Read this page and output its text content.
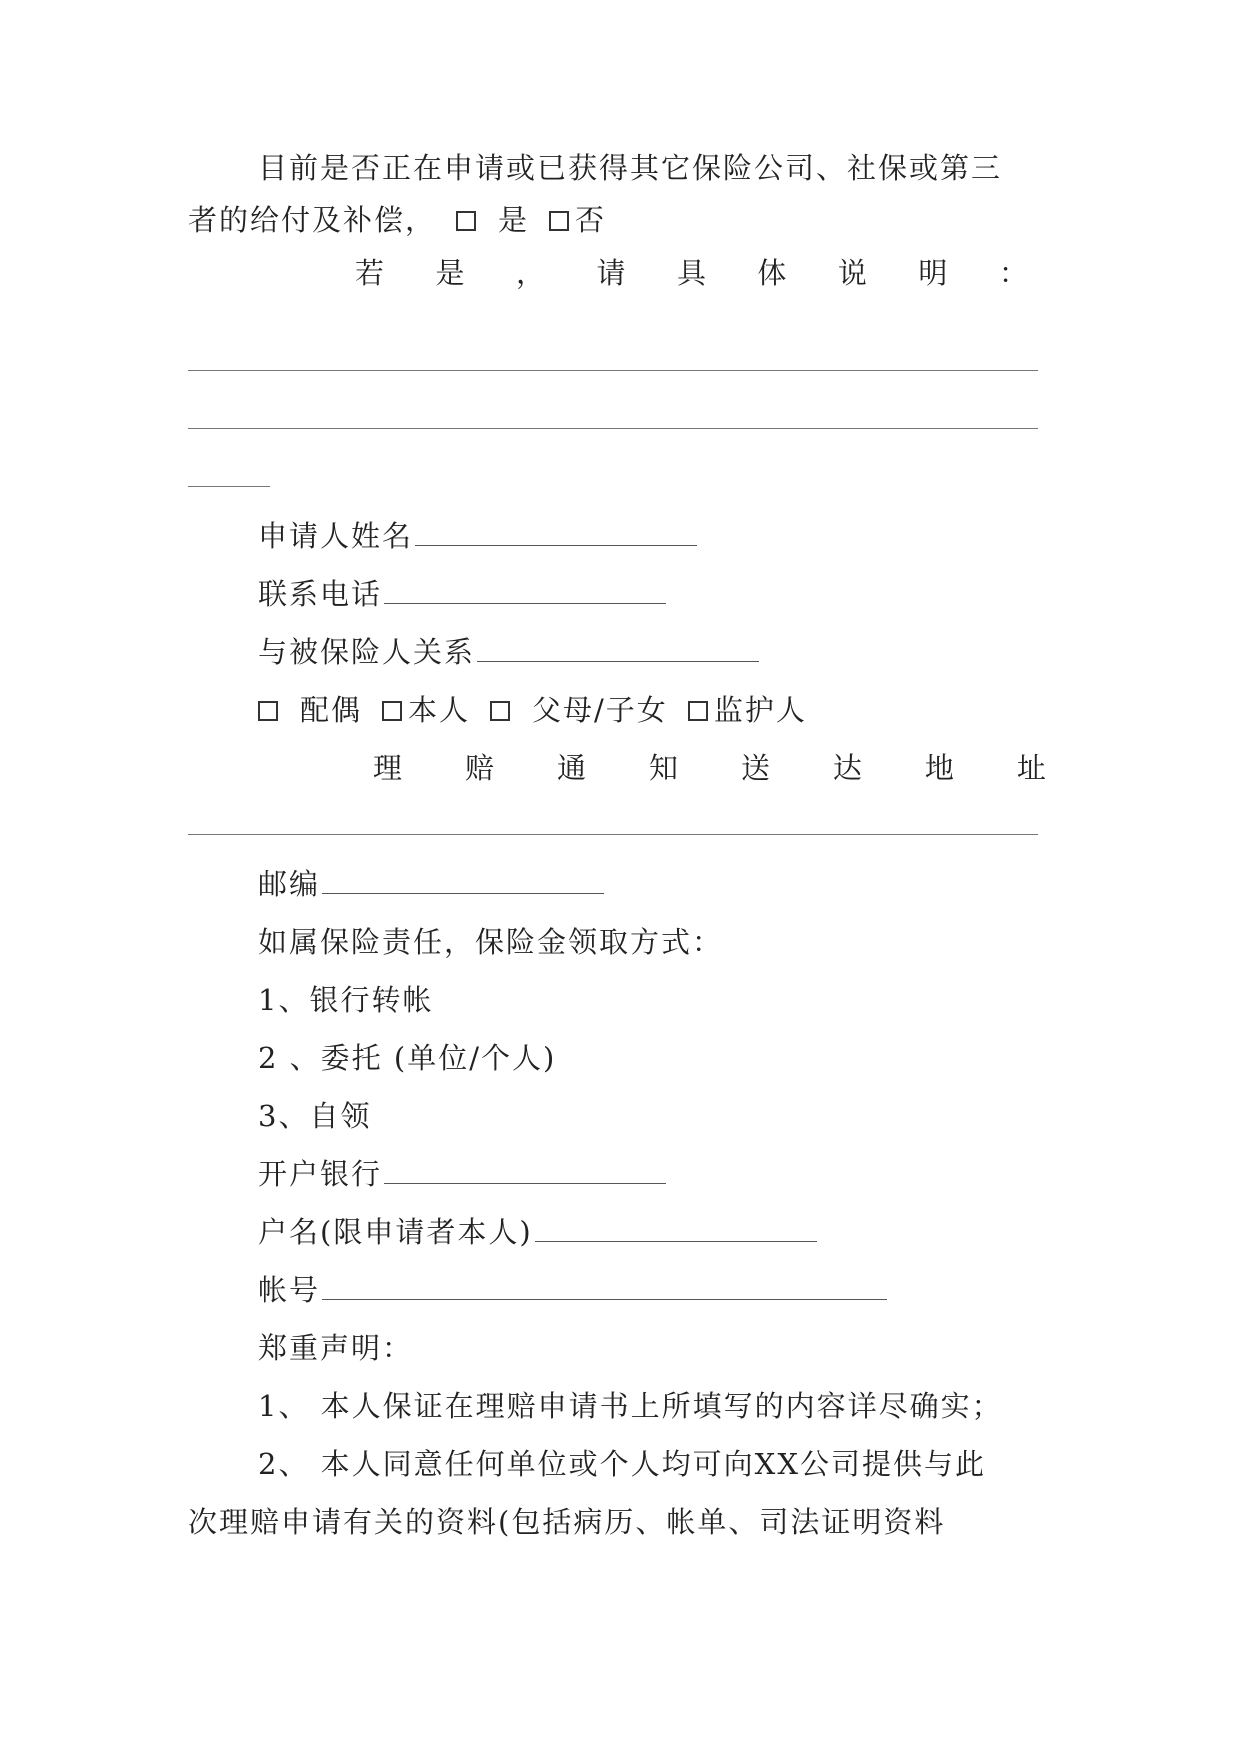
目前是否正在申请或已获得其它保险公司、社保或第三
者的给付及补偿， 是 否
若 是 ， 请 具 体 说 明 ：
申请人姓名
联系电话
与被保险人关系
配偶 本人 父母/子女 监护人
理 赔 通 知 送 达 地 址
邮编
如属保险责任，保险金领取方式：
1、银行转帐
2 、委托 (单位/个人)
3、自领
开户银行
户名(限申请者本人)
帐号
郑重声明：
1、 本人保证在理赔申请书上所填写的内容详尽确实；
2、 本人同意任何单位或个人均可向XX公司提供与此
次理赔申请有关的资料(包括病历、帐单、司法证明资料
